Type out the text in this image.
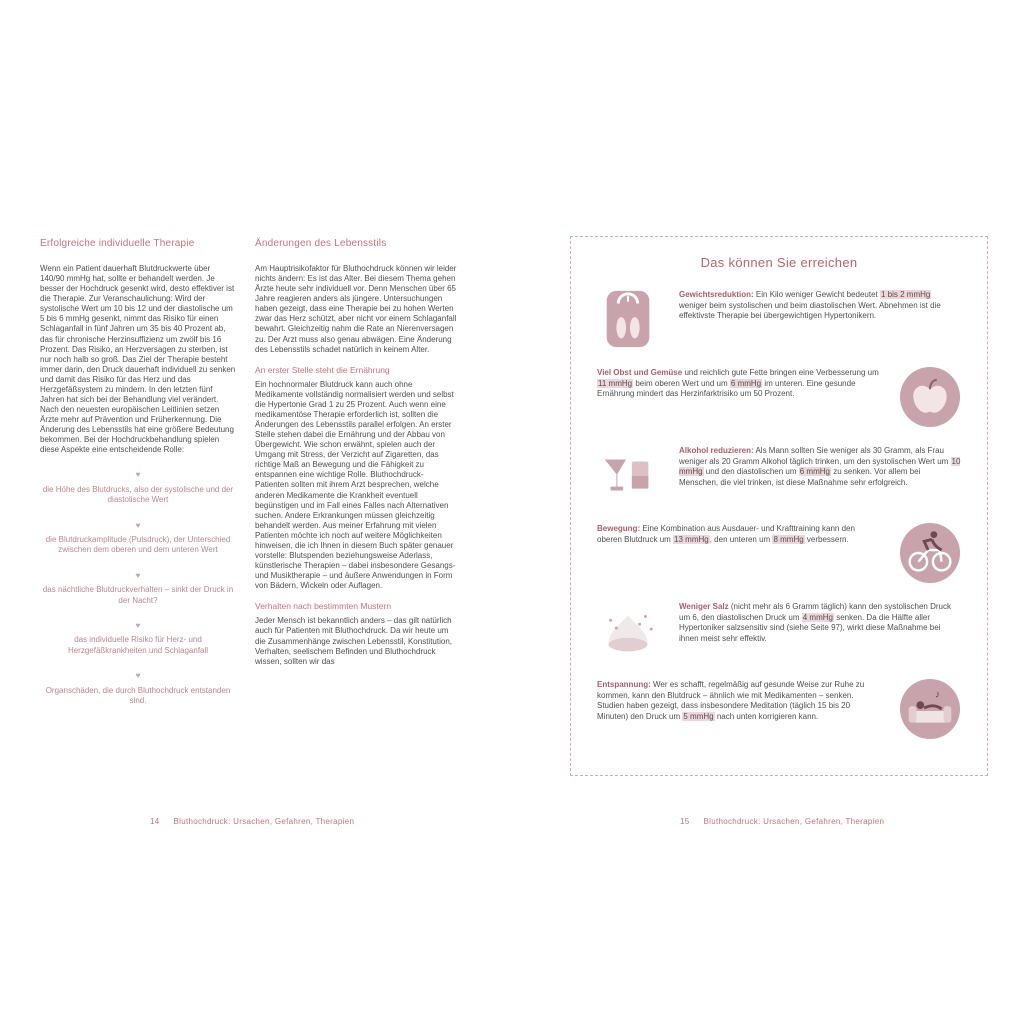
Erfolgreiche individuelle Therapie

Wenn ein Patient dauerhaft Blutdruckwerte über 140/90 mmHg hat, sollte er behandelt werden. Je besser der Hochdruck gesenkt wird, desto effektiver ist die Therapie. Zur Veranschaulichung: Wird der systolische Wert um 10 bis 12 und der diastolische um 5 bis 6 mmHg gesenkt, nimmt das Risiko für einen Schlaganfall in fünf Jahren um 35 bis 40 Prozent ab, das für chronische Herzinsuffizienz um zwölf bis 16 Prozent. Das Risiko, an Herzversagen zu sterben, ist nur noch halb so groß. Das Ziel der Therapie besteht immer darin, den Druck dauerhaft individuell zu senken und damit das Risiko für das Herz und das Herzgefäßsystem zu mindern. In den letzten fünf Jahren hat sich bei der Behandlung viel verändert. Nach den neuesten europäischen Leitlinien setzen Ärzte mehr auf Prävention und Früherkennung. Die Änderung des Lebensstils hat eine größere Bedeutung bekommen. Bei der Hochdruckbehandlung spielen diese Aspekte eine entscheidende Rolle:

♥
die Höhe des Blutdrucks, also der systolische und der diastolische Wert
♥
die Blutdruckamplitude (Pulsdruck), der Unterschied zwischen dem oberen und dem unteren Wert
♥
das nächtliche Blutdruckverhalten – sinkt der Druck in der Nacht?
♥
das individuelle Risiko für Herz- und Herzgefäßkrankheiten und Schlaganfall
♥
Organschäden, die durch Bluthochdruck entstanden sind.
Änderungen des Lebensstils

Am Hauptrisikofaktor für Bluthochdruck können wir leider nichts ändern: Es ist das Alter. Bei diesem Thema gehen Ärzte heute sehr individuell vor. Denn Menschen über 65 Jahre reagieren anders als jüngere. Untersuchungen haben gezeigt, dass eine Therapie bei zu hohen Werten zwar das Herz schützt, aber nicht vor einem Schlaganfall bewahrt. Gleichzeitig nahm die Rate an Nierenversagen zu. Der Arzt muss also genau abwägen. Eine Änderung des Lebensstils schadet natürlich in keinem Alter.

An erster Stelle steht die Ernährung

Ein hochnormaler Blutdruck kann auch ohne Medikamente vollständig normalisiert werden und selbst die Hypertonie Grad 1 zu 25 Prozent. Auch wenn eine medikamentöse Therapie erforderlich ist, sollten die Änderungen des Lebensstils parallel erfolgen. An erster Stelle stehen dabei die Ernährung und der Abbau von Übergewicht. Wie schon erwähnt, spielen auch der Umgang mit Stress, der Verzicht auf Zigaretten, das richtige Maß an Bewegung und die Fähigkeit zu entspannen eine wichtige Rolle. Bluthochdruck-Patienten sollten mit ihrem Arzt besprechen, welche anderen Medikamente die Krankheit eventuell begünstigen und im Fall eines Falles nach Alternativen suchen. Andere Erkrankungen müssen gleichzeitig behandelt werden. Aus meiner Erfahrung mit vielen Patienten möchte ich noch auf weitere Möglichkeiten hinweisen, die ich Ihnen in diesem Buch später genauer vorstelle: Blutspenden beziehungsweise Aderlass, künstlerische Therapien – dabei insbesondere Gesangs- und Musiktherapie – und äußere Anwendungen in Form von Bädern, Wickeln oder Auflagen.

Verhalten nach bestimmten Mustern

Jeder Mensch ist bekanntlich anders – das gilt natürlich auch für Patienten mit Bluthochdruck. Da wir heute um die Zusammenhänge zwischen Lebensstil, Konstitution, Verhalten, seelischem Befinden und Bluthochdruck wissen, sollten wir das

Das können Sie erreichen

Gewichtsreduktion: Ein Kilo weniger Gewicht bedeutet 1 bis 2 mmHg weniger beim systolischen und beim diastolischen Wert. Abnehmen ist die effektivste Therapie bei übergewichtigen Hypertonikern.

Viel Obst und Gemüse und reichlich gute Fette bringen eine Verbesserung um 11 mmHg beim oberen Wert und um 6 mmHg im unteren. Eine gesunde Ernährung mindert das Herzinfarktrisiko um 50 Prozent.

Alkohol reduzieren: Als Mann sollten Sie weniger als 30 Gramm, als Frau weniger als 20 Gramm Alkohol täglich trinken, um den systolischen Wert um 10 mmHg und den diastolischen um 6 mmHg zu senken. Vor allem bei Menschen, die viel trinken, ist diese Maßnahme sehr erfolgreich.

Bewegung: Eine Kombination aus Ausdauer- und Krafttraining kann den oberen Blutdruck um 13 mmHg, den unteren um 8 mmHg verbessern.

Weniger Salz (nicht mehr als 6 Gramm täglich) kann den systolischen Druck um 6, den diastolischen Druck um 4 mmHg senken. Da die Hälfte aller Hypertoniker salzsensitiv sind (siehe Seite 97), wirkt diese Maßnahme bei ihnen meist sehr effektiv.

♪

Entspannung: Wer es schafft, regelmäßig auf gesunde Weise zur Ruhe zu kommen, kann den Blutdruck – ähnlich wie mit Medikamenten – senken. Studien haben gezeigt, dass insbesondere Meditation (täglich 15 bis 20 Minuten) den Druck um 5 mmHg nach unten korrigieren kann.

14 Bluthochdruck: Ursachen, Gefahren, Therapien	15 Bluthochdruck: Ursachen, Gefahren, Therapien
